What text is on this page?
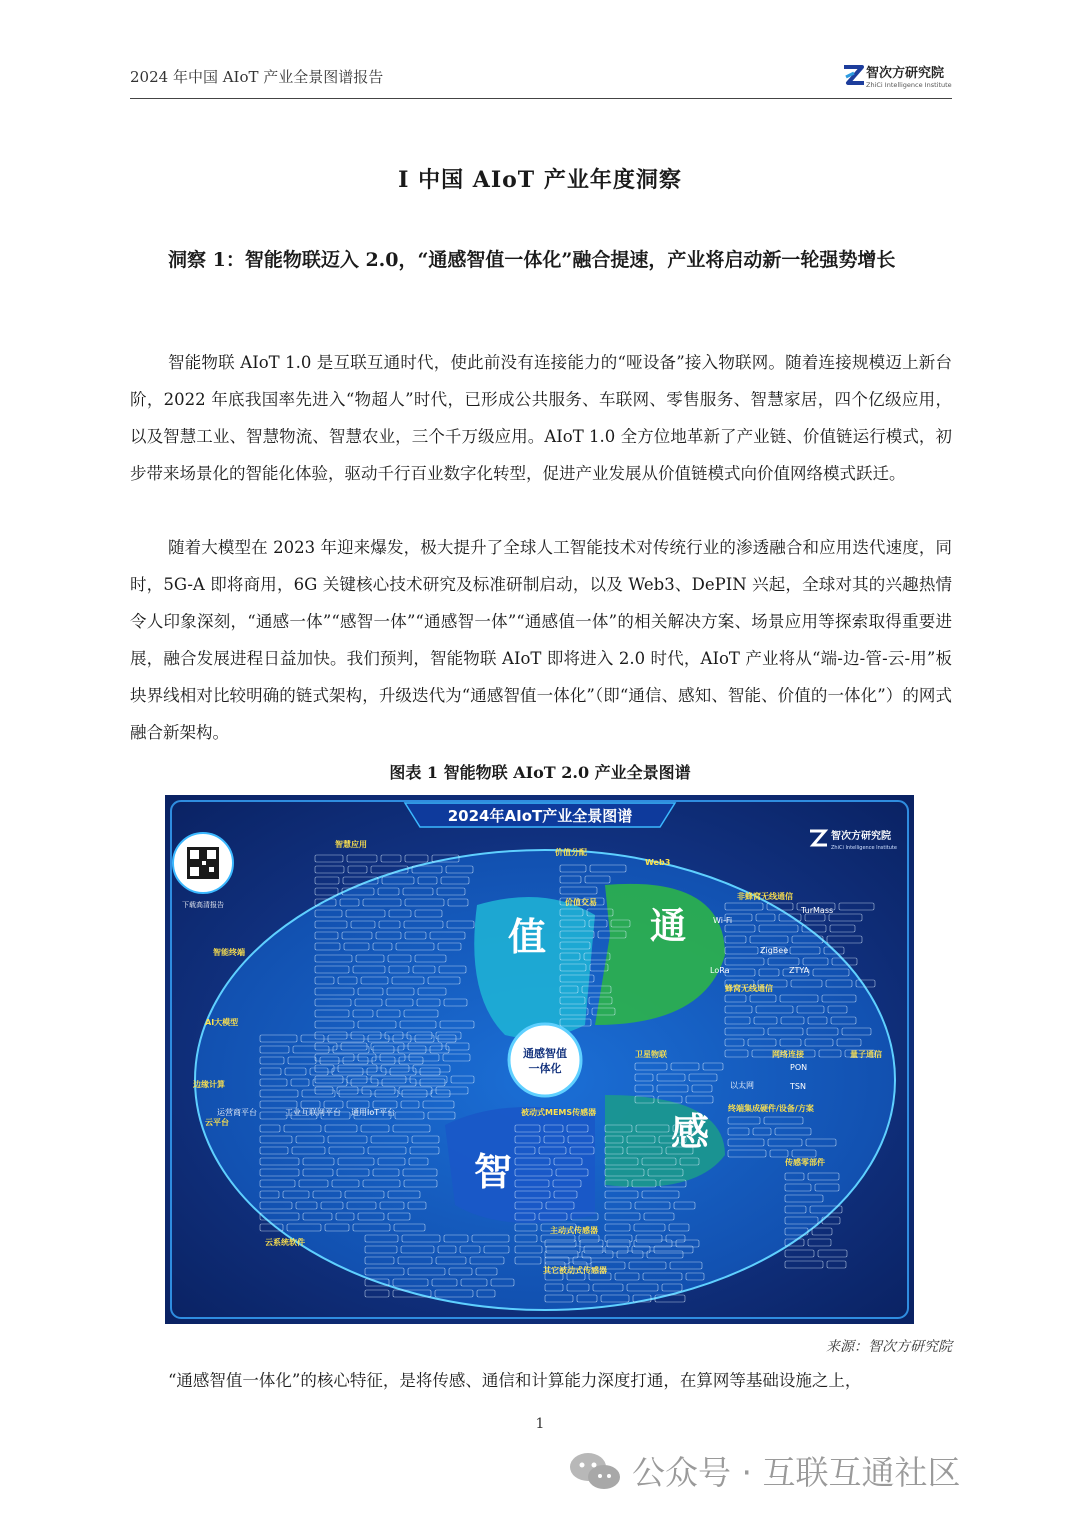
2024 年中国 AIoT 产业全景图谱报告	智次方研究院
ZhiCi Intelligence Institute
I 中国 AIoT 产业年度洞察

洞察 1：智能物联迈入 2.0，“通感智值一体化”融合提速，产业将启动新一轮强势增长

智能物联 AIoT 1.0 是互联互通时代，使此前没有连接能力的“哑设备”接入物联网。随着连接规模迈上新台阶，2022 年底我国率先进入“物超人”时代，已形成公共服务、车联网、零售服务、智慧家居，四个亿级应用，以及智慧工业、智慧物流、智慧农业，三个千万级应用。AIoT 1.0 全方位地革新了产业链、价值链运行模式，初步带来场景化的智能化体验，驱动千行百业数字化转型，促进产业发展从价值链模式向价值网络模式跃迁。

随着大模型在 2023 年迎来爆发，极大提升了全球人工智能技术对传统行业的渗透融合和应用迭代速度，同时，5G-A 即将商用，6G 关键核心技术研究及标准研制启动，以及 Web3、DePIN 兴起，全球对其的兴趣热情令人印象深刻，“通感一体”“感智一体”“通感智一体”“通感值一体”的相关解决方案、场景应用等探索取得重要进展，融合发展进程日益加快。我们预判，智能物联 AIoT 即将进入 2.0 时代，AIoT 产业将从“端-边-管-云-用”板块界线相对比较明确的链式架构，升级迭代为“通感智值一体化”（即“通信、感知、智能、价值的一体化”）的网式融合新架构。

图表 1 智能物联 AIoT 2.0 产业全景图谱
2024年AIoT产业全景图谱
智次方研究院
ZhiCi Intelligence Institute
下载高清报告
值	通
感
智
通感智值
一体化
智慧应用
价值分配
价值交易
Web3
非蜂窝无线通信
蜂窝无线通信
卫星物联	网络连接	量子通信
终端集成硬件/设备/方案
被动式MEMS传感器
主动式传感器
其它被动式传感器
传感零部件
智能终端
AI大模型
边缘计算
云平台
云系统软件
Wi-Fi
ZigBee
TurMass
LoRa	ZTYA
PON
TSN
以太网
运营商平台	工业互联网平台 通用IoT平台
来源：智次方研究院

“通感智值一体化”的核心特征，是将传感、通信和计算能力深度打通，在算网等基础设施之上，

1
公众号 · 互联互通社区
